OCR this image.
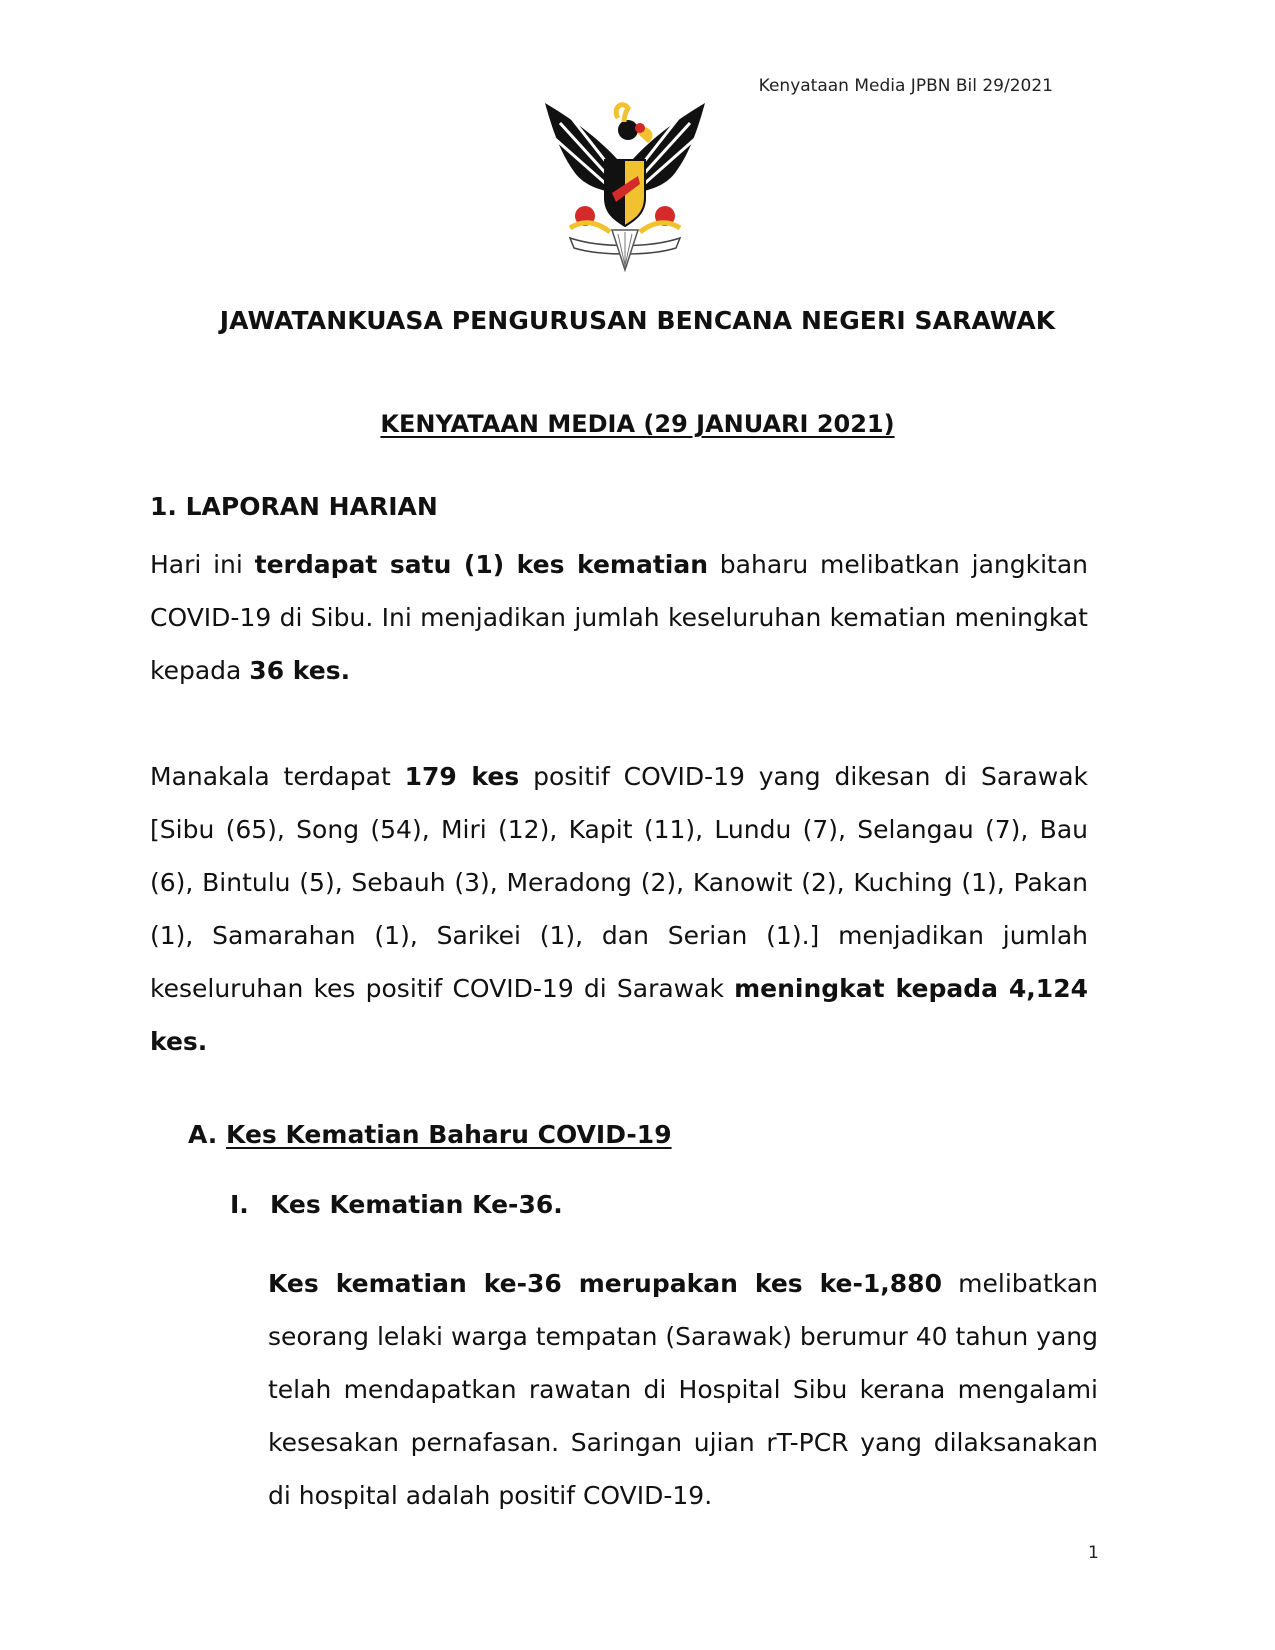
Kenyataan Media JPBN Bil 29/2021
JAWATANKUASA PENGURUSAN BENCANA NEGERI SARAWAK
KENYATAAN MEDIA (29 JANUARI 2021)
1. LAPORAN HARIAN
Hari ini terdapat satu (1) kes kematian baharu melibatkan jangkitan COVID-19 di Sibu. Ini menjadikan jumlah keseluruhan kematian meningkat kepada 36 kes.
Manakala terdapat 179 kes positif COVID-19 yang dikesan di Sarawak [Sibu (65), Song (54), Miri (12), Kapit (11), Lundu (7), Selangau (7), Bau (6), Bintulu (5), Sebauh (3), Meradong (2), Kanowit (2), Kuching (1), Pakan (1), Samarahan (1), Sarikei (1), dan Serian (1).] menjadikan jumlah keseluruhan kes positif COVID-19 di Sarawak meningkat kepada 4,124 kes.
A. Kes Kematian Baharu COVID-19
I. Kes Kematian Ke-36.
Kes kematian ke-36 merupakan kes ke-1,880 melibatkan seorang lelaki warga tempatan (Sarawak) berumur 40 tahun yang telah mendapatkan rawatan di Hospital Sibu kerana mengalami kesesakan pernafasan. Saringan ujian rT-PCR yang dilaksanakan di hospital adalah positif COVID-19.
1
